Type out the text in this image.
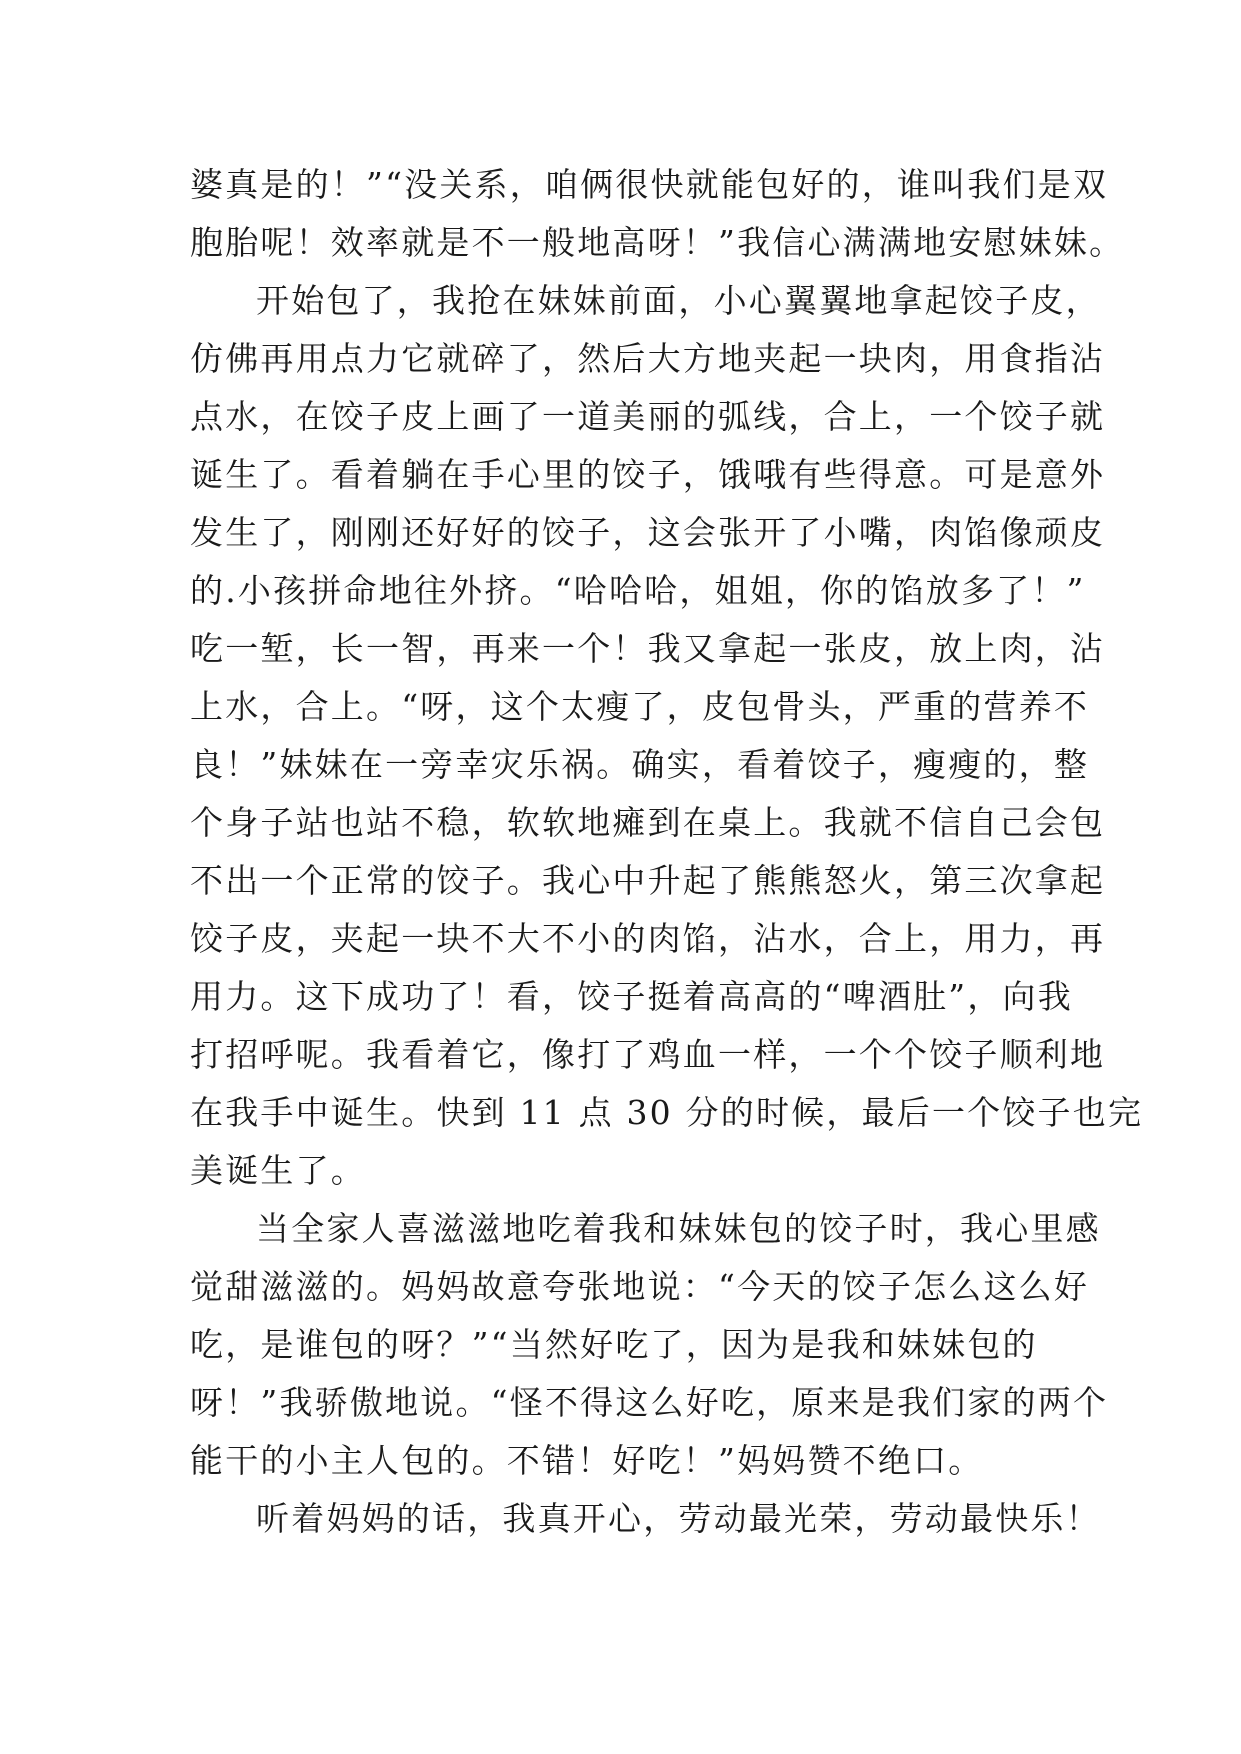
婆真是的！”“没关系，咱俩很快就能包好的，谁叫我们是双
胞胎呢！效率就是不一般地高呀！”我信心满满地安慰妹妹。
开始包了，我抢在妹妹前面，小心翼翼地拿起饺子皮，
仿佛再用点力它就碎了，然后大方地夹起一块肉，用食指沾
点水，在饺子皮上画了一道美丽的弧线，合上，一个饺子就
诞生了。看着躺在手心里的饺子，饿哦有些得意。可是意外
发生了，刚刚还好好的饺子，这会张开了小嘴，肉馅像顽皮
的.小孩拼命地往外挤。“哈哈哈，姐姐，你的馅放多了！”
吃一堑，长一智，再来一个！我又拿起一张皮，放上肉，沾
上水，合上。“呀，这个太瘦了，皮包骨头，严重的营养不
良！”妹妹在一旁幸灾乐祸。确实，看着饺子，瘦瘦的，整
个身子站也站不稳，软软地瘫到在桌上。我就不信自己会包
不出一个正常的饺子。我心中升起了熊熊怒火，第三次拿起
饺子皮，夹起一块不大不小的肉馅，沾水，合上，用力，再
用力。这下成功了！看，饺子挺着高高的“啤酒肚”，向我
打招呼呢。我看着它，像打了鸡血一样，一个个饺子顺利地
在我手中诞生。快到 11 点 30 分的时候，最后一个饺子也完
美诞生了。
当全家人喜滋滋地吃着我和妹妹包的饺子时，我心里感
觉甜滋滋的。妈妈故意夸张地说：“今天的饺子怎么这么好
吃，是谁包的呀？”“当然好吃了，因为是我和妹妹包的
呀！”我骄傲地说。“怪不得这么好吃，原来是我们家的两个
能干的小主人包的。不错！好吃！”妈妈赞不绝口。
听着妈妈的话，我真开心，劳动最光荣，劳动最快乐！
